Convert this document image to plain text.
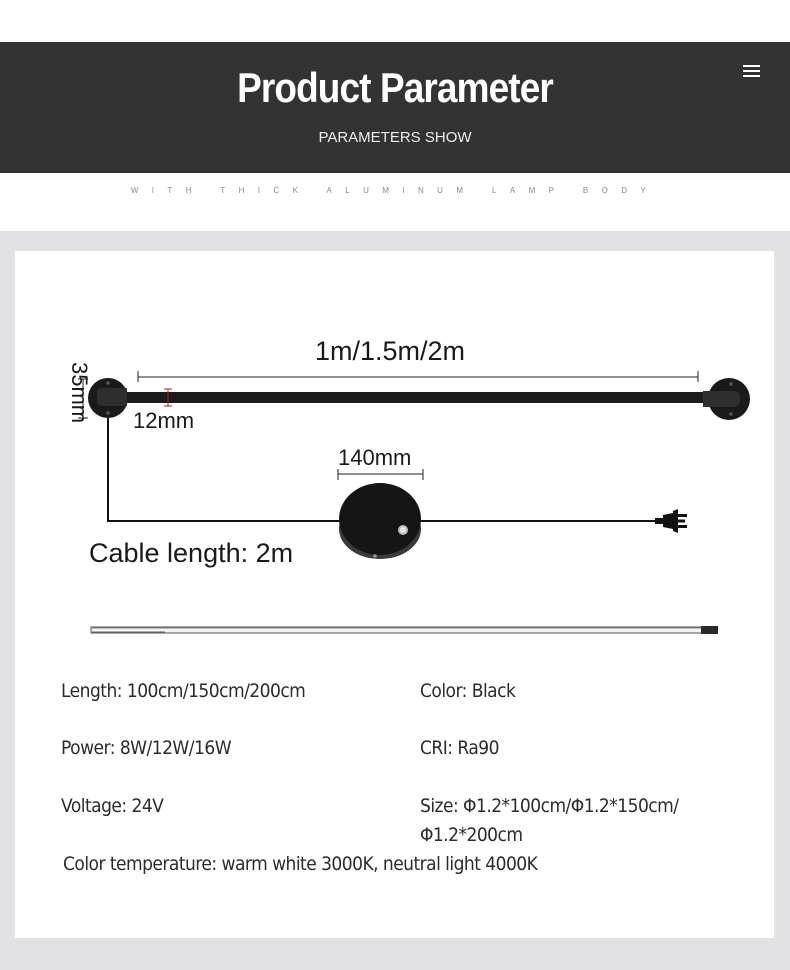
Product Parameter
PARAMETERS SHOW
WITH THICK ALUMINUM LAMP BODY
1m/1.5m/2m
35mm 12mm
140mm
Cable length: 2m
Length: 100cm/150cm/200cm	Color: Black
Power: 8W/12W/16W	CRI: Ra90
Voltage: 24V	Size: Φ1.2*100cm/Φ1.2*150cm/
Φ1.2*200cm
Color temperature: warm white 3000K, neutral light 4000K
